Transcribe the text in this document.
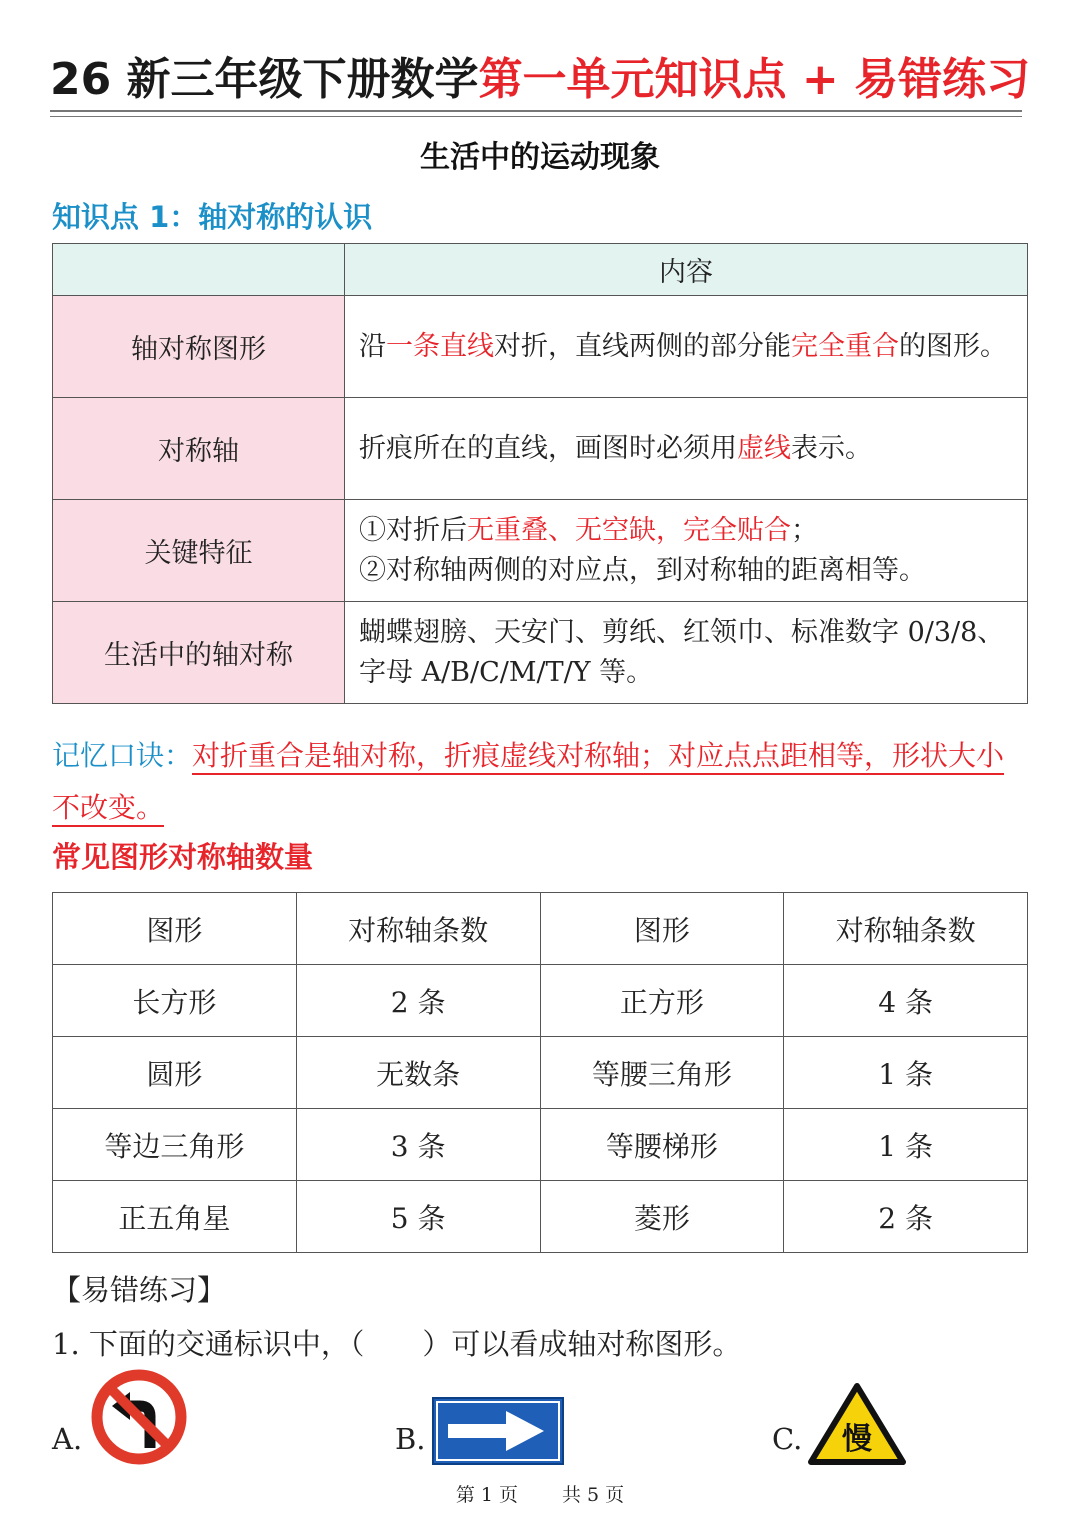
26 新三年级下册数学第一单元知识点 + 易错练习
生活中的运动现象
知识点 1：轴对称的认识
	内容
轴对称图形	沿一条直线对折，直线两侧的部分能完全重合的图形。
对称轴	折痕所在的直线，画图时必须用虚线表示。
关键特征	①对折后无重叠、无空缺，完全贴合；
②对称轴两侧的对应点，到对称轴的距离相等。
生活中的轴对称	蝴蝶翅膀、天安门、剪纸、红领巾、标准数字 0/3/8、字母 A/B/C/M/T/Y 等。
记忆口诀：对折重合是轴对称，折痕虚线对称轴；对应点点距相等，形状大小不改变。
常见图形对称轴数量
图形	对称轴条数	图形	对称轴条数
长方形	2 条	正方形	4 条
圆形	无数条	等腰三角形	1 条
等边三角形	3 条	等腰梯形	1 条
正五角星	5 条	菱形	2 条
【易错练习】
1. 下面的交通标识中，（　　）可以看成轴对称图形。
A.	B.	C. 慢
第 1 页 共 5 页
